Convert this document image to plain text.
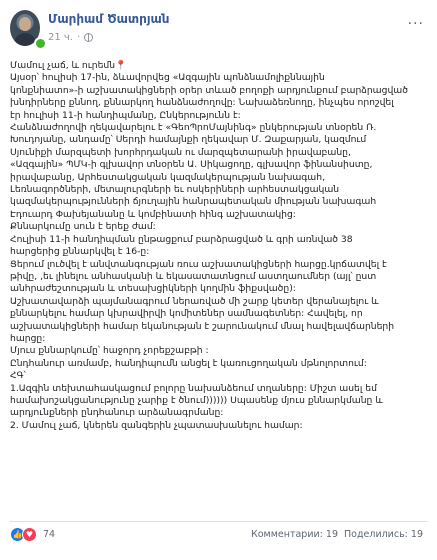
Մարիամ Ծատրյան
21 ч. ·
···

Մամուլ չաճ, և ուրեմն📍

Այսօր՝ հուլիսի 17-ին, ձևավորվեց «Ազգային պոնձնամոլիքննային

կոնքնիատո»-ի աշխատակիցների օրեր տևած բողոքի արդյունքում բարձրացված

խնդիրները քննող, քննարկող հանձնաժողովը: Նախաձեռնողը, ինչպես որոշվել

էր հուլիսի 11-ի հանդիպմանը, Ընկերությունն է:

Հանձնաժողովի ղեկավարելու է «ԳեոՊրոՄայնինգ» ընկերության տնօրեն Ռ.

Խուդոյանը, անդամը՝ Սերդի համայնքի ղեկավար Մ. Զաքարյան, կազմում

Սյունիքի մարզպետի խորհրդական ու մարզպետարանի իրավաբանը,

«Ազգային» ՊՄԿ-ի գլխավոր տնօրեն Ա. Սիկացողը, գլխավոր ֆինանսիստը,

իրավաբանը, Արհեստակցական կազմակերպության նախագահ,

Լեռնագործների, մետալուրգների եւ ոսկերիների արհեստակցական

կազմակերպությունների ճյուղային հանրապետական միության նախագահ

Էդուարդ Փախեյանանը և կոմբինատի հինգ աշխատակից:

Քննարկումը սուն է երեք ժամ:

Հուլիսի 11-ի հանդիպման ընթացքում բարձրացված և գրի առնված 38

հարցերից քննարկվել է 16-ը:

Ցերում լուծվել է անվտանգության ռուս աշխատակիցների հարցը.կրճատվել է

թիվը, ,եւ լինելու անհասկանի և եկասատատնցում աստղաումներ (այլ՝ ըստ

անհրաժեշտության և տեսախցիկների կողմին ֆիքսվածը):

Աշխատավարձի պայմանագրում ներառված մի շարք կետեր վերանայելու և

քննարկելու համար կխրավիրվի կոմիտեներ սամնագետներ: Հավելել, որ

աշխատակիցների համար եկանության է շարունակում մնալ հավելավճարների

հարցը:

Մյուս քննարկումը՝ հաջորդ չորեքշաբթի :

Ընդհանուր առմամբ, հանդիպումն անցել է կառուցողական մթնոլորտում:

ՀԳ՝

1.Ազգին տեխտահասկացում բոլորը նախանձեում տղաները: Միշտ ասել եմ

համախոշակցանությունը չարիք է ծնում)))))) Սպասենք մյուս քննարկմանը և

արդյունքների ընդհանուր արձանագրմանը:

2. Մամուլ չաճ, կներեն զանգերին չպատասխանելու համար:

👍 ♥	74	Комментарии: 19 Поделились: 19
